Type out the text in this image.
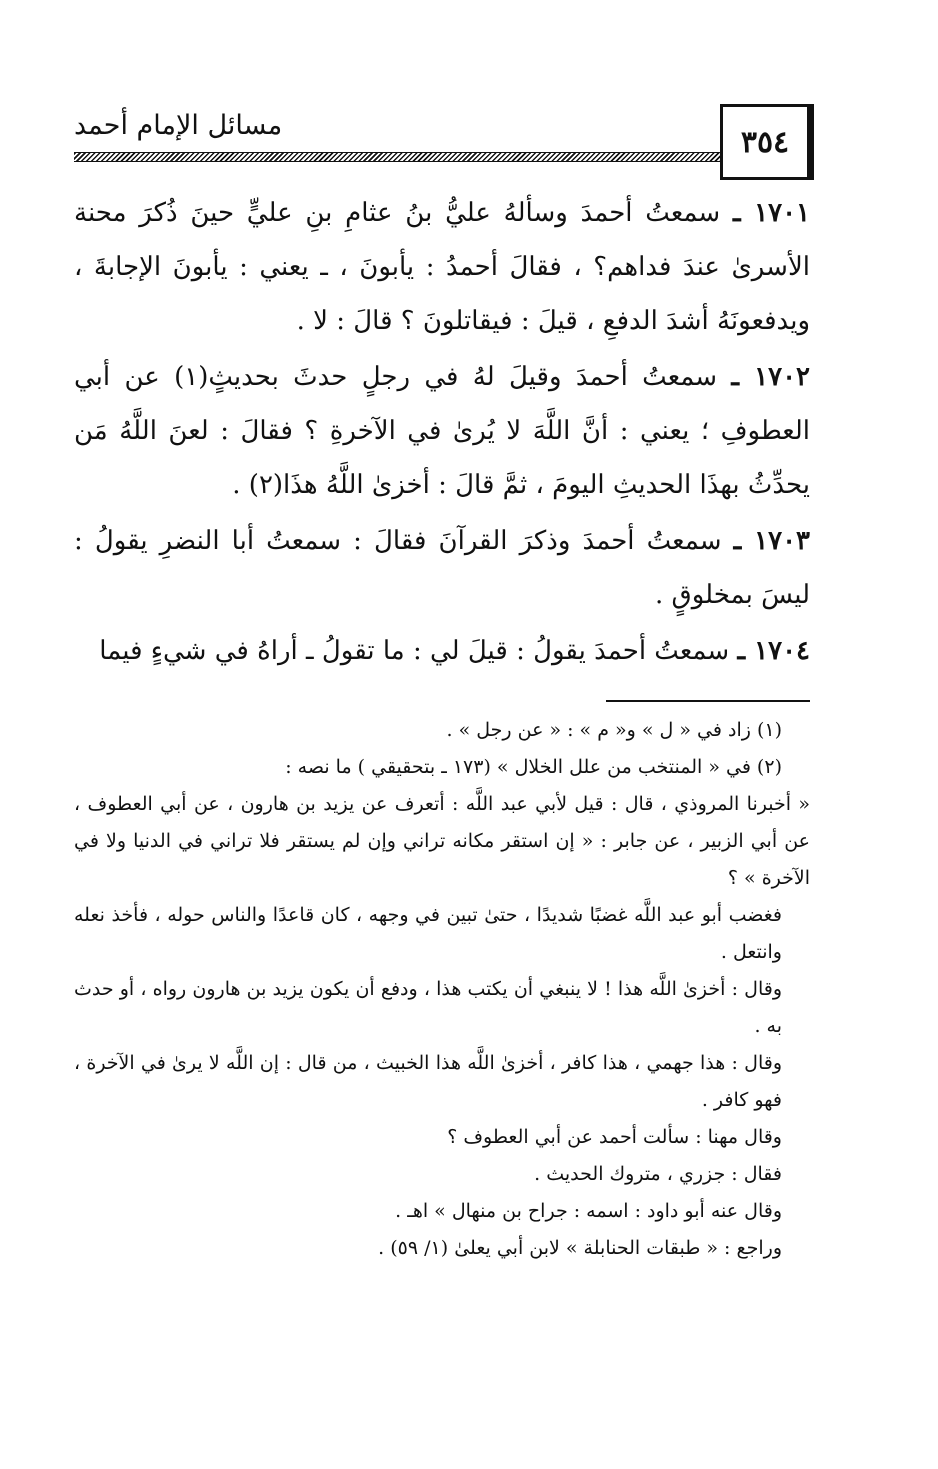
٣٥٤
مسائل الإمام أحمد

١٧٠١ ـ سمعتُ أحمدَ وسألهُ عليُّ بنُ عثامِ بنِ عليٍّ حينَ ذُكرَ محنة الأسرىٰ عندَ فداهم؟ ، فقالَ أحمدُ : يأبونَ ، ـ يعني : يأبونَ الإجابةَ ، ويدفعونَهُ أشدَ الدفعِ ، قيلَ : فيقاتلونَ ؟ قالَ : لا .

١٧٠٢ ـ سمعتُ أحمدَ وقيلَ لهُ في رجلٍ حدثَ بحديثٍ(١) عن أبي العطوفِ ؛ يعني : أنَّ اللَّهَ لا يُرىٰ في الآخرةِ ؟ فقالَ : لعنَ اللَّهُ مَن يحدِّثُ بهذَا الحديثِ اليومَ ، ثمَّ قالَ : أخزىٰ اللَّهُ هذَا(٢) .

١٧٠٣ ـ سمعتُ أحمدَ وذكرَ القرآنَ فقالَ : سمعتُ أبا النضرِ يقولُ : ليسَ بمخلوقٍ .

١٧٠٤ ـ سمعتُ أحمدَ يقولُ : قيلَ لي : ما تقولُ ـ أراهُ في شيءٍ فيما

(١) زاد في « ل » و« م » : « عن رجل » .

(٢) في « المنتخب من علل الخلال » (١٧٣ ـ بتحقيقي ) ما نصه :

« أخبرنا المروذي ، قال : قيل لأبي عبد اللَّه : أتعرف عن يزيد بن هارون ، عن أبي العطوف ، عن أبي الزبير ، عن جابر : « إن استقر مكانه تراني وإن لم يستقر فلا تراني في الدنيا ولا في الآخرة » ؟

فغضب أبو عبد اللَّه غضبًا شديدًا ، حتىٰ تبين في وجهه ، كان قاعدًا والناس حوله ، فأخذ نعله وانتعل .

وقال : أخزىٰ اللَّه هذا ! لا ينبغي أن يكتب هذا ، ودفع أن يكون يزيد بن هارون رواه ، أو حدث به .

وقال : هذا جهمي ، هذا كافر ، أخزىٰ اللَّه هذا الخبيث ، من قال : إن اللَّه لا يرىٰ في الآخرة ، فهو كافر .

وقال مهنا : سألت أحمد عن أبي العطوف ؟

فقال : جزري ، متروك الحديث .

وقال عنه أبو داود : اسمه : جراح بن منهال » اهـ .

وراجع : « طبقات الحنابلة » لابن أبي يعلىٰ (١/ ٥٩) .
